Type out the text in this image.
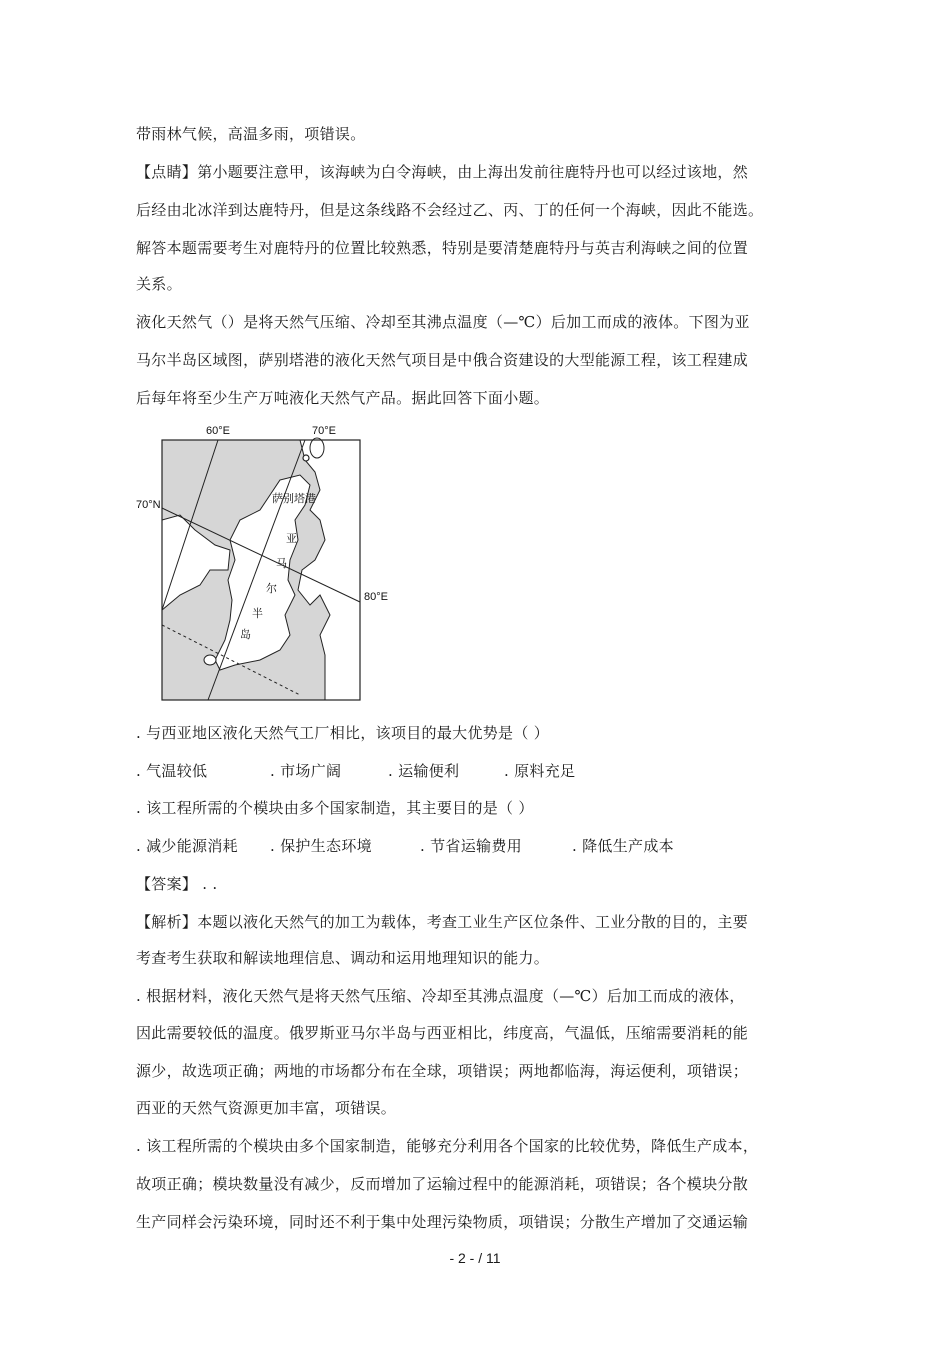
带雨林气候，高温多雨，项错误。
【点睛】第小题要注意甲，该海峡为白令海峡，由上海出发前往鹿特丹也可以经过该地，然
后经由北冰洋到达鹿特丹，但是这条线路不会经过乙、丙、丁的任何一个海峡，因此不能选。
解答本题需要考生对鹿特丹的位置比较熟悉，特别是要清楚鹿特丹与英吉利海峡之间的位置
关系。
液化天然气（）是将天然气压缩、冷却至其沸点温度（—℃）后加工而成的液体。下图为亚
马尔半岛区域图，萨别塔港的液化天然气项目是中俄合资建设的大型能源工程，该工程建成
后每年将至少生产万吨液化天然气产品。据此回答下面小题。
60°E	70°E
70°N
80°E
萨别塔港
亚
马
尔
半
岛
. 与西亚地区液化天然气工厂相比，该项目的最大优势是（ ）
. 气温较低	. 市场广阔	. 运输便利	. 原料充足
. 该工程所需的个模块由多个国家制造，其主要目的是（ ）
. 减少能源消耗 . 保护生态环境	. 节省运输费用	. 降低生产成本
【答案】 . .
【解析】本题以液化天然气的加工为载体，考查工业生产区位条件、工业分散的目的，主要
考查考生获取和解读地理信息、调动和运用地理知识的能力。
. 根据材料，液化天然气是将天然气压缩、冷却至其沸点温度（—℃）后加工而成的液体，
因此需要较低的温度。俄罗斯亚马尔半岛与西亚相比，纬度高，气温低，压缩需要消耗的能
源少，故选项正确；两地的市场都分布在全球，项错误；两地都临海，海运便利，项错误；
西亚的天然气资源更加丰富，项错误。
. 该工程所需的个模块由多个国家制造，能够充分利用各个国家的比较优势，降低生产成本，
故项正确；模块数量没有减少，反而增加了运输过程中的能源消耗，项错误；各个模块分散
生产同样会污染环境，同时还不利于集中处理污染物质，项错误；分散生产增加了交通运输
- 2 - / 11
